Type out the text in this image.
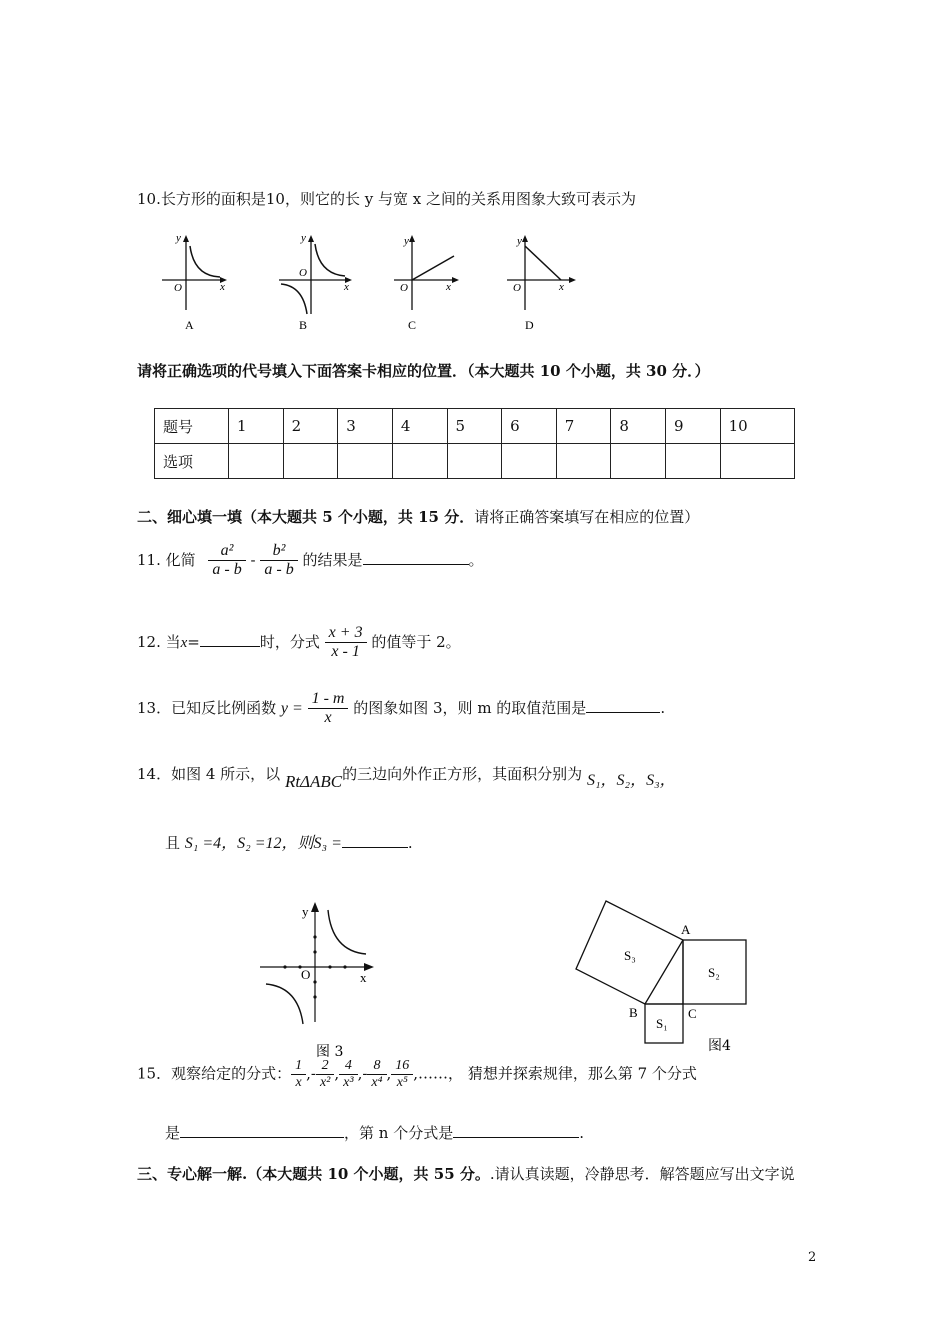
10.长方形的面积是10，则它的长 y 与宽 x 之间的关系用图象大致可表示为
y
x
O
A
y
x
O
B
y
x
O
C
y
x
O
D
请将正确选项的代号填入下面答案卡相应的位置．（本大题共 10 个小题，共 30 分．）
题号	1	2	3	4	5	6	7	8	9	10
选项										
二、细心填一填（本大题共 5 个小题，共 15 分．请将正确答案填写在相应的位置）
11. 化简 $\frac{\text{a²}}{a - b} - \frac{\text{b²}}{a - b}$ 的结果是	。
12. 当x=	时，分式 $\frac{x + 3}{x - 1}$ 的值等于 2。
13．已知反比例函数 $y = \frac{1 - m}{x}$ 的图象如图 3，则 m 的取值范围是	.
14．如图 4 所示，以 RtΔABC的三边向外作正方形，其面积分别为 S₁，S₂，S₃，
且 S₁ =4，S₂ =12，则S₃ =	.
y
x
O
图 3
S₃
S₂
S₁
A
B	C
图4
15．观察给定的分式： $\frac{1}{x}$ ,- $\frac{2}{\text{x²}}$ , $\frac{4}{\text{x³}}$ ,- $\frac{8}{\text{x⁴}}$ , $\frac{16}{\text{x⁵}}$ ,……， 猜想并探索规律，那么第 7 个分式
是	，第 n 个分式是	.
三、专心解一解.（本大题共 10 个小题，共 55 分。.请认真读题，冷静思考．解答题应写出文字说
2
